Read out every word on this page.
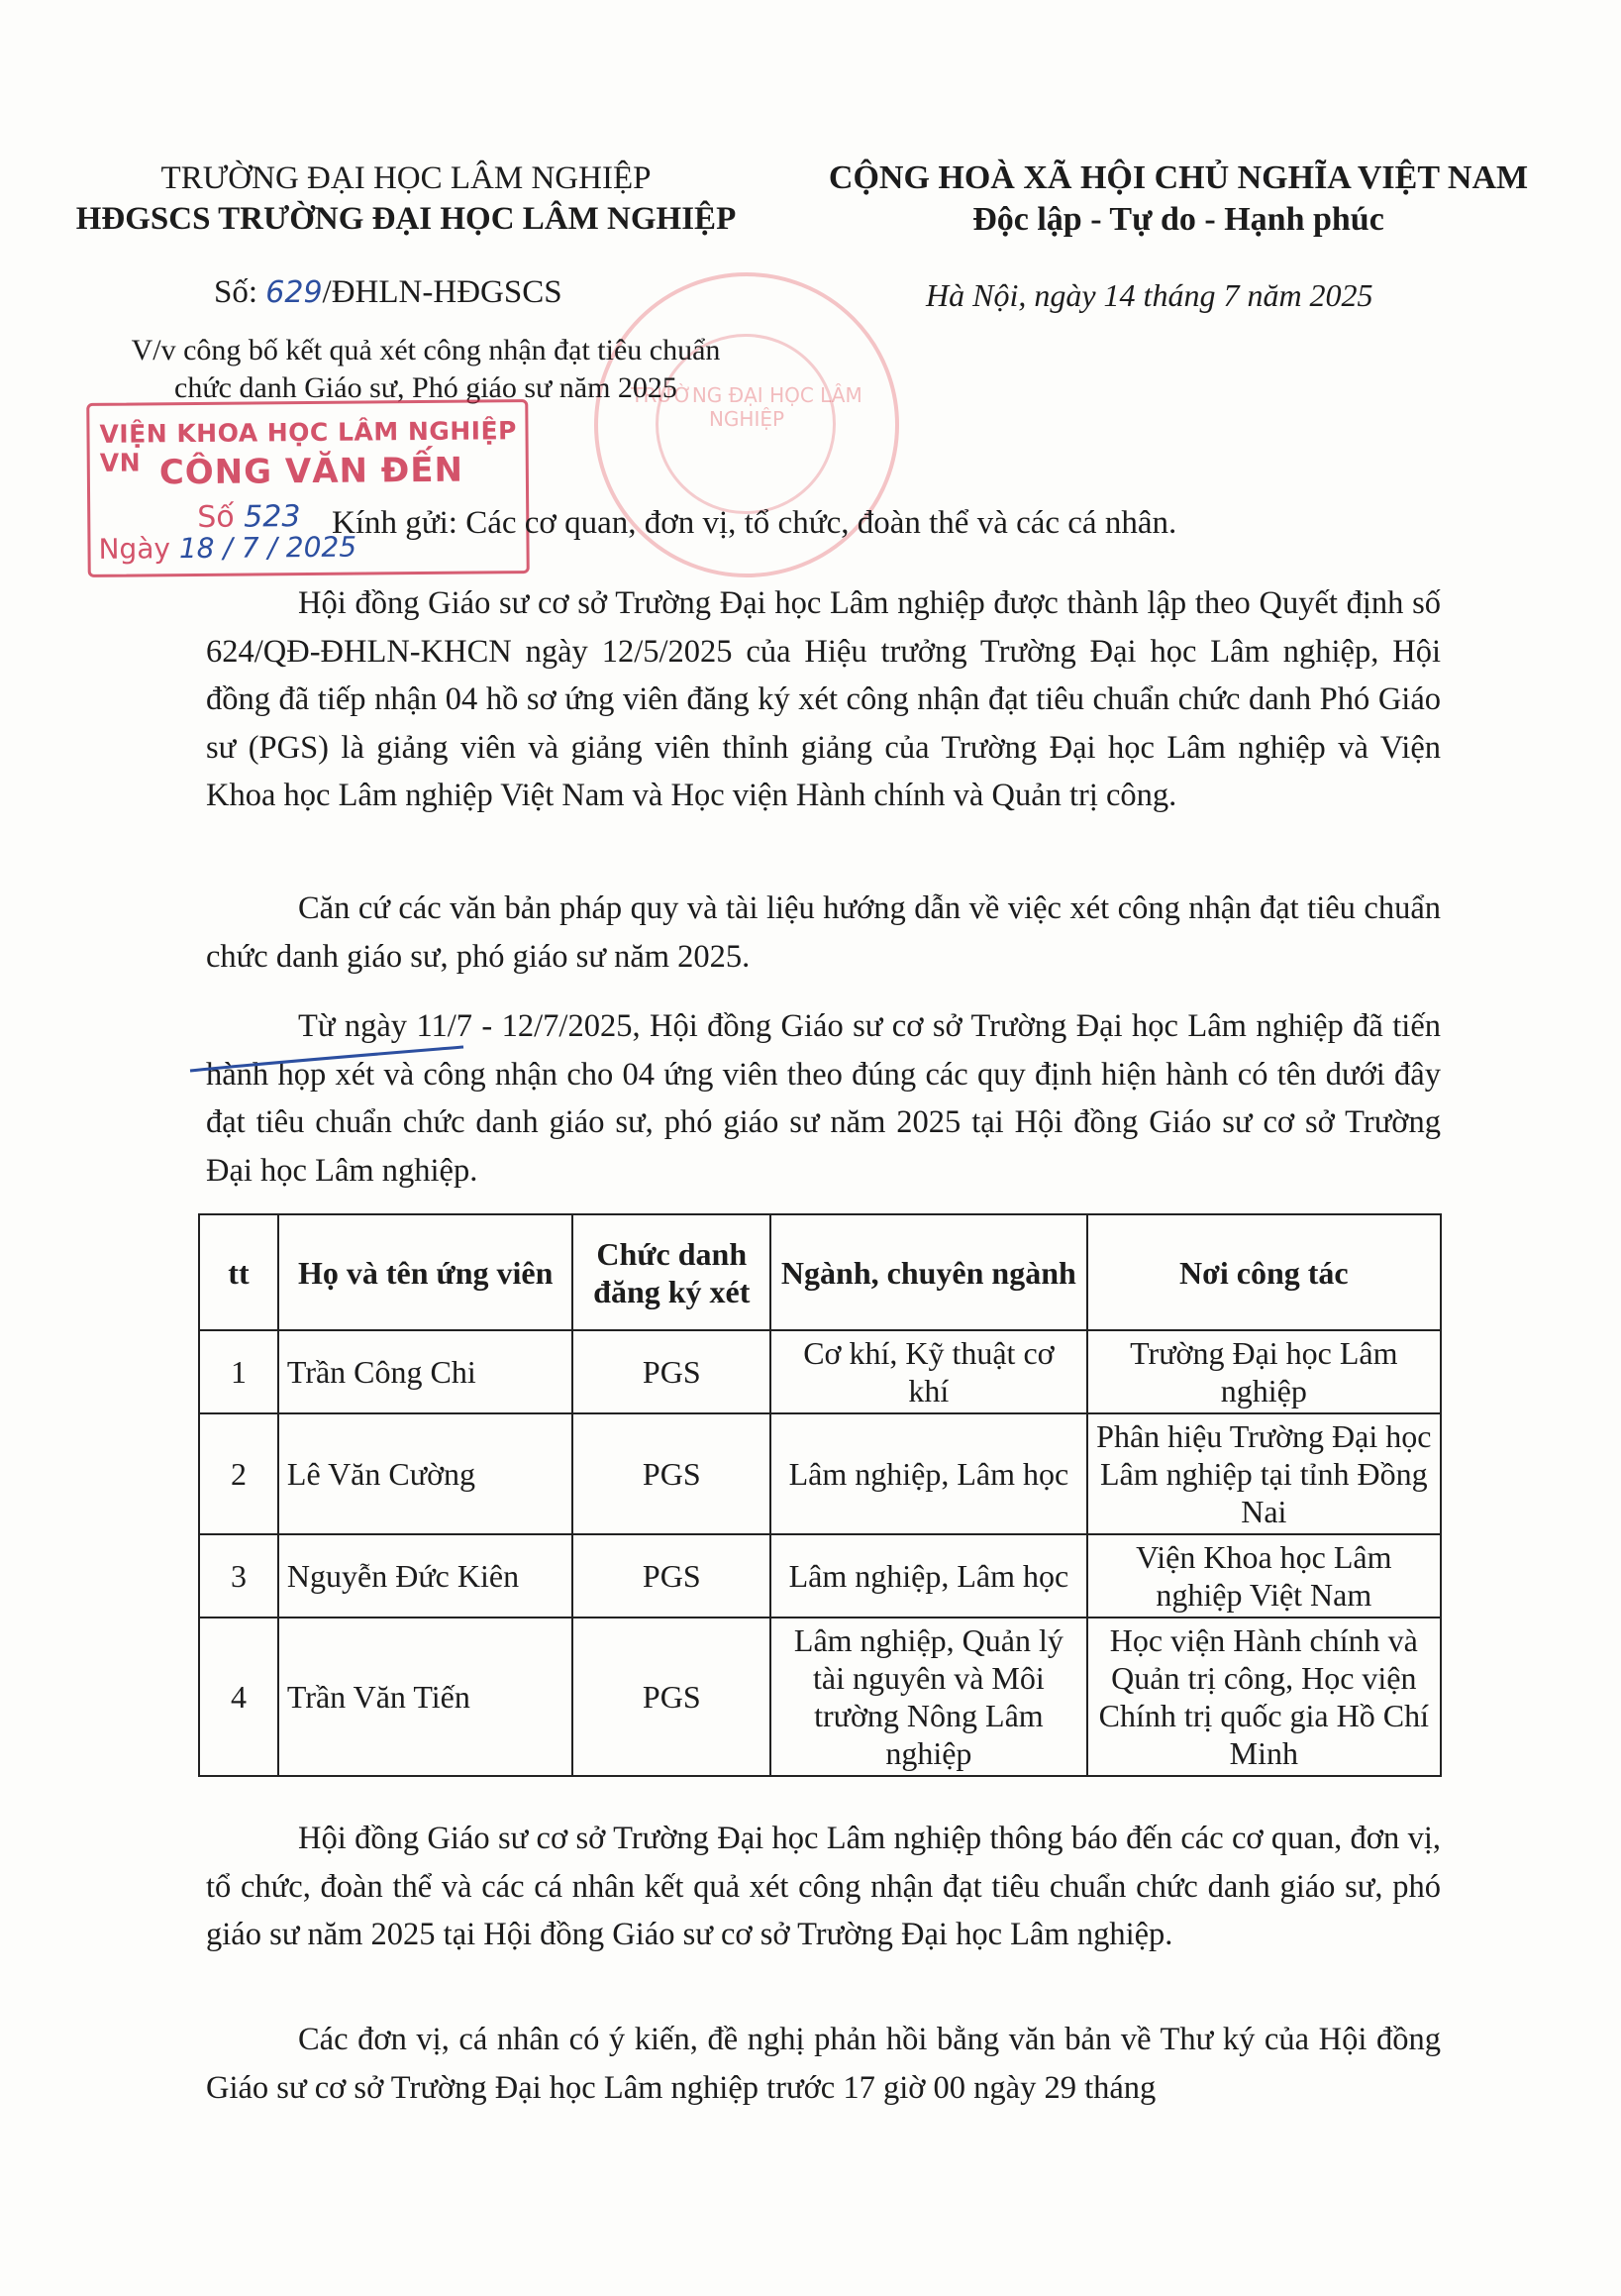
TRƯỜNG ĐẠI HỌC LÂM NGHIỆP
HĐGSCS TRƯỜNG ĐẠI HỌC LÂM NGHIỆP
CỘNG HOÀ XÃ HỘI CHỦ NGHĨA VIỆT NAM
Độc lập - Tự do - Hạnh phúc
Số: 629/ĐHLN-HĐGSCS	Hà Nội, ngày 14 tháng 7 năm 2025
TRƯỜNG ĐẠI HỌC LÂM NGHIỆP
V/v công bố kết quả xét công nhận đạt tiêu chuẩn chức danh Giáo sư, Phó giáo sư năm 2025
VIỆN KHOA HỌC LÂM NGHIỆP VN CÔNG VĂN ĐẾN
Số 523
Ngày 18 / 7 / 2025
Kính gửi: Các cơ quan, đơn vị, tổ chức, đoàn thể và các cá nhân.
Hội đồng Giáo sư cơ sở Trường Đại học Lâm nghiệp được thành lập theo Quyết định số 624/QĐ-ĐHLN-KHCN ngày 12/5/2025 của Hiệu trưởng Trường Đại học Lâm nghiệp, Hội đồng đã tiếp nhận 04 hồ sơ ứng viên đăng ký xét công nhận đạt tiêu chuẩn chức danh Phó Giáo sư (PGS) là giảng viên và giảng viên thỉnh giảng của Trường Đại học Lâm nghiệp và Viện Khoa học Lâm nghiệp Việt Nam và Học viện Hành chính và Quản trị công.
Căn cứ các văn bản pháp quy và tài liệu hướng dẫn về việc xét công nhận đạt tiêu chuẩn chức danh giáo sư, phó giáo sư năm 2025.
Từ ngày 11/7 - 12/7/2025, Hội đồng Giáo sư cơ sở Trường Đại học Lâm nghiệp đã tiến hành họp xét và công nhận cho 04 ứng viên theo đúng các quy định hiện hành có tên dưới đây đạt tiêu chuẩn chức danh giáo sư, phó giáo sư năm 2025 tại Hội đồng Giáo sư cơ sở Trường Đại học Lâm nghiệp.
tt	Họ và tên ứng viên	Chức danh đăng ký xét	Ngành, chuyên ngành	Nơi công tác
1	Trần Công Chi	PGS	Cơ khí, Kỹ thuật cơ khí	Trường Đại học Lâm nghiệp
2	Lê Văn Cường	PGS	Lâm nghiệp, Lâm học	Phân hiệu Trường Đại học Lâm nghiệp tại tỉnh Đồng Nai
3	Nguyễn Đức Kiên	PGS	Lâm nghiệp, Lâm học	Viện Khoa học Lâm nghiệp Việt Nam
4	Trần Văn Tiến	PGS	Lâm nghiệp, Quản lý tài nguyên và Môi trường Nông Lâm nghiệp	Học viện Hành chính và Quản trị công, Học viện Chính trị quốc gia Hồ Chí Minh
Hội đồng Giáo sư cơ sở Trường Đại học Lâm nghiệp thông báo đến các cơ quan, đơn vị, tổ chức, đoàn thể và các cá nhân kết quả xét công nhận đạt tiêu chuẩn chức danh giáo sư, phó giáo sư năm 2025 tại Hội đồng Giáo sư cơ sở Trường Đại học Lâm nghiệp.
Các đơn vị, cá nhân có ý kiến, đề nghị phản hồi bằng văn bản về Thư ký của Hội đồng Giáo sư cơ sở Trường Đại học Lâm nghiệp trước 17 giờ 00 ngày 29 tháng
